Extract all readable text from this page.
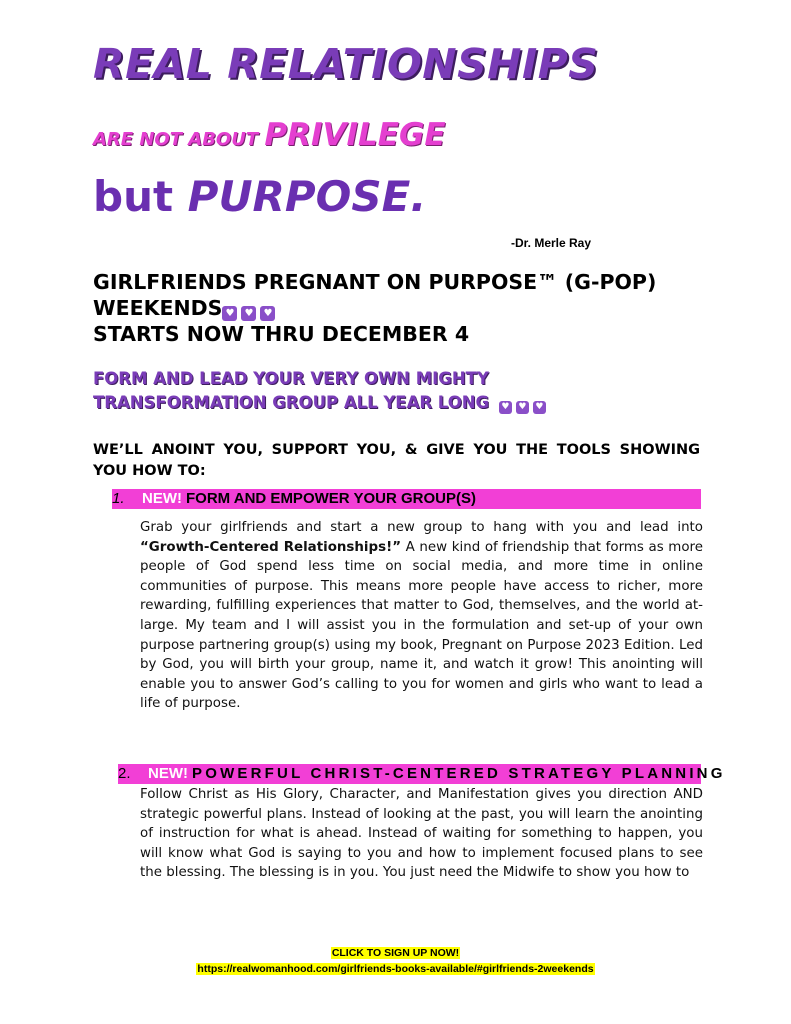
REAL RELATIONSHIPS
ARE NOT ABOUT PRIVILEGE
but PURPOSE.
-Dr. Merle Ray
GIRLFRIENDS PREGNANT ON PURPOSE™ (G-POP)
WEEKENDS ♥ ♥ ♥
STARTS NOW THRU DECEMBER 4
FORM AND LEAD YOUR VERY OWN MIGHTY
TRANSFORMATION GROUP ALL YEAR LONG ♥ ♥ ♥
WE’LL ANOINT YOU, SUPPORT YOU, & GIVE YOU THE TOOLS SHOWING YOU HOW TO:
1. NEW! FORM AND EMPOWER YOUR GROUP(S)
Grab your girlfriends and start a new group to hang with you and lead into “Growth-Centered Relationships!” A new kind of friendship that forms as more people of God spend less time on social media, and more time in online communities of purpose. This means more people have access to richer, more rewarding, fulfilling experiences that matter to God, themselves, and the world at-large. My team and I will assist you in the formulation and set-up of your own purpose partnering group(s) using my book, Pregnant on Purpose 2023 Edition. Led by God, you will birth your group, name it, and watch it grow! This anointing will enable you to answer God’s calling to you for women and girls who want to lead a life of purpose.
2. NEW! POWERFUL CHRIST-CENTERED STRATEGY PLANNING
Follow Christ as His Glory, Character, and Manifestation gives you direction AND strategic powerful plans. Instead of looking at the past, you will learn the anointing of instruction for what is ahead. Instead of waiting for something to happen, you will know what God is saying to you and how to implement focused plans to see the blessing. The blessing is in you. You just need the Midwife to show you how to
CLICK TO SIGN UP NOW!
https://realwomanhood.com/girlfriends-books-available/#girlfriends-2weekends
